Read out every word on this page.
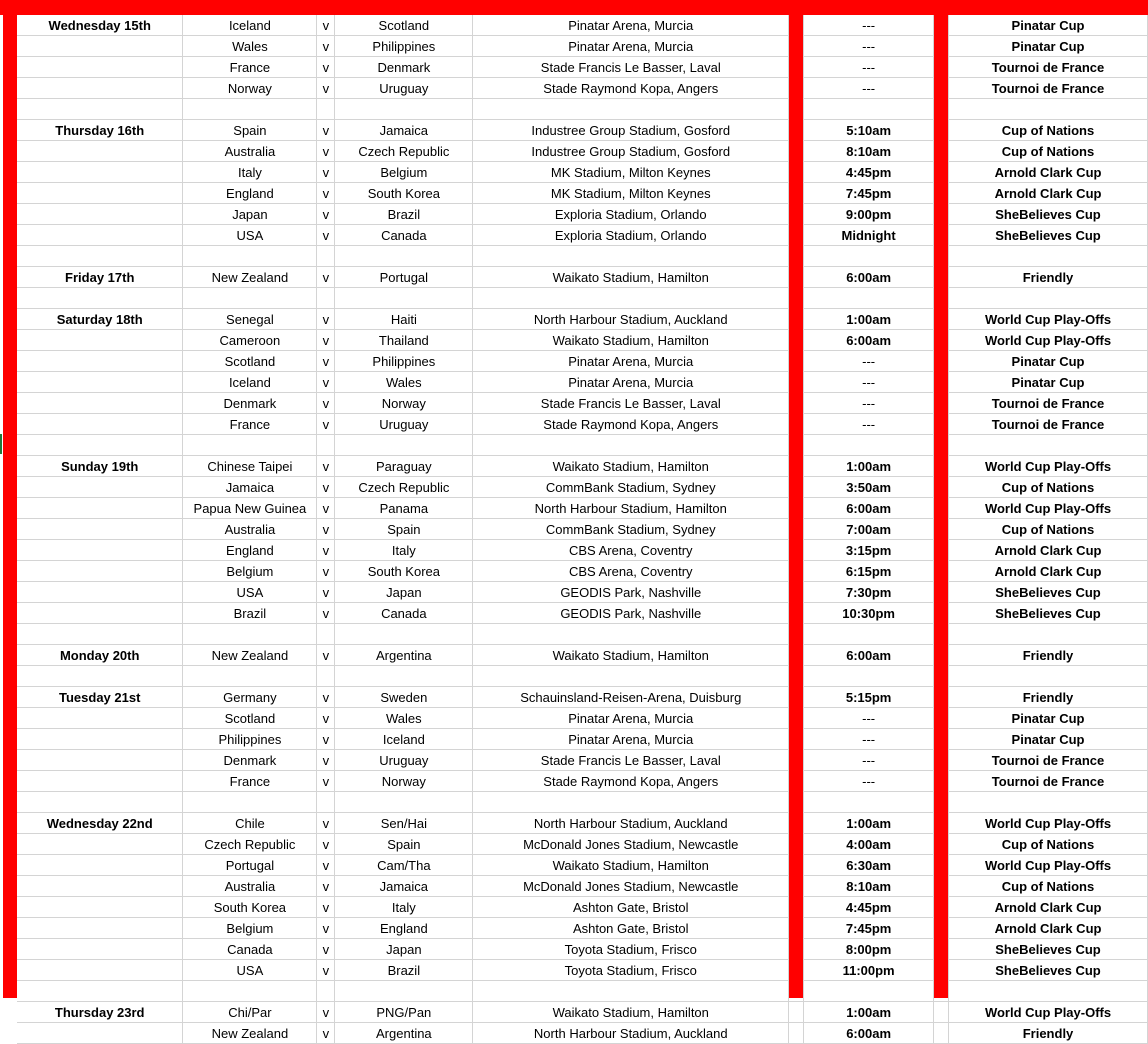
Wednesday 15th	Iceland	v	Scotland	Pinatar Arena, Murcia		---		Pinatar Cup
	Wales	v	Philippines	Pinatar Arena, Murcia		---		Pinatar Cup
	France	v	Denmark	Stade Francis Le Basser, Laval		---		Tournoi de France
	Norway	v	Uruguay	Stade Raymond Kopa, Angers		---		Tournoi de France

Thursday 16th	Spain	v	Jamaica	Industree Group Stadium, Gosford		5:10am		Cup of Nations
	Australia	v	Czech Republic	Industree Group Stadium, Gosford		8:10am		Cup of Nations
	Italy	v	Belgium	MK Stadium, Milton Keynes		4:45pm		Arnold Clark Cup
	England	v	South Korea	MK Stadium, Milton Keynes		7:45pm		Arnold Clark Cup
	Japan	v	Brazil	Exploria Stadium, Orlando		9:00pm		SheBelieves Cup
	USA	v	Canada	Exploria Stadium, Orlando		Midnight		SheBelieves Cup

Friday 17th	New Zealand	v	Portugal	Waikato Stadium, Hamilton		6:00am		Friendly

Saturday 18th	Senegal	v	Haiti	North Harbour Stadium, Auckland		1:00am		World Cup Play-Offs
	Cameroon	v	Thailand	Waikato Stadium, Hamilton		6:00am		World Cup Play-Offs
	Scotland	v	Philippines	Pinatar Arena, Murcia		---		Pinatar Cup
	Iceland	v	Wales	Pinatar Arena, Murcia		---		Pinatar Cup
	Denmark	v	Norway	Stade Francis Le Basser, Laval		---		Tournoi de France
	France	v	Uruguay	Stade Raymond Kopa, Angers		---		Tournoi de France

Sunday 19th	Chinese Taipei	v	Paraguay	Waikato Stadium, Hamilton		1:00am		World Cup Play-Offs
	Jamaica	v	Czech Republic	CommBank Stadium, Sydney		3:50am		Cup of Nations
	Papua New Guinea	v	Panama	North Harbour Stadium, Hamilton		6:00am		World Cup Play-Offs
	Australia	v	Spain	CommBank Stadium, Sydney		7:00am		Cup of Nations
	England	v	Italy	CBS Arena, Coventry		3:15pm		Arnold Clark Cup
	Belgium	v	South Korea	CBS Arena, Coventry		6:15pm		Arnold Clark Cup
	USA	v	Japan	GEODIS Park, Nashville		7:30pm		SheBelieves Cup
	Brazil	v	Canada	GEODIS Park, Nashville		10:30pm		SheBelieves Cup

Monday 20th	New Zealand	v	Argentina	Waikato Stadium, Hamilton		6:00am		Friendly

Tuesday 21st	Germany	v	Sweden	Schauinsland-Reisen-Arena, Duisburg		5:15pm		Friendly
	Scotland	v	Wales	Pinatar Arena, Murcia		---		Pinatar Cup
	Philippines	v	Iceland	Pinatar Arena, Murcia		---		Pinatar Cup
	Denmark	v	Uruguay	Stade Francis Le Basser, Laval		---		Tournoi de France
	France	v	Norway	Stade Raymond Kopa, Angers		---		Tournoi de France

Wednesday 22nd	Chile	v	Sen/Hai	North Harbour Stadium, Auckland		1:00am		World Cup Play-Offs
	Czech Republic	v	Spain	McDonald Jones Stadium, Newcastle		4:00am		Cup of Nations
	Portugal	v	Cam/Tha	Waikato Stadium, Hamilton		6:30am		World Cup Play-Offs
	Australia	v	Jamaica	McDonald Jones Stadium, Newcastle		8:10am		Cup of Nations
	South Korea	v	Italy	Ashton Gate, Bristol		4:45pm		Arnold Clark Cup
	Belgium	v	England	Ashton Gate, Bristol		7:45pm		Arnold Clark Cup
	Canada	v	Japan	Toyota Stadium, Frisco		8:00pm		SheBelieves Cup
	USA	v	Brazil	Toyota Stadium, Frisco		11:00pm		SheBelieves Cup

Thursday 23rd	Chi/Par	v	PNG/Pan	Waikato Stadium, Hamilton		1:00am		World Cup Play-Offs
	New Zealand	v	Argentina	North Harbour Stadium, Auckland		6:00am		Friendly
